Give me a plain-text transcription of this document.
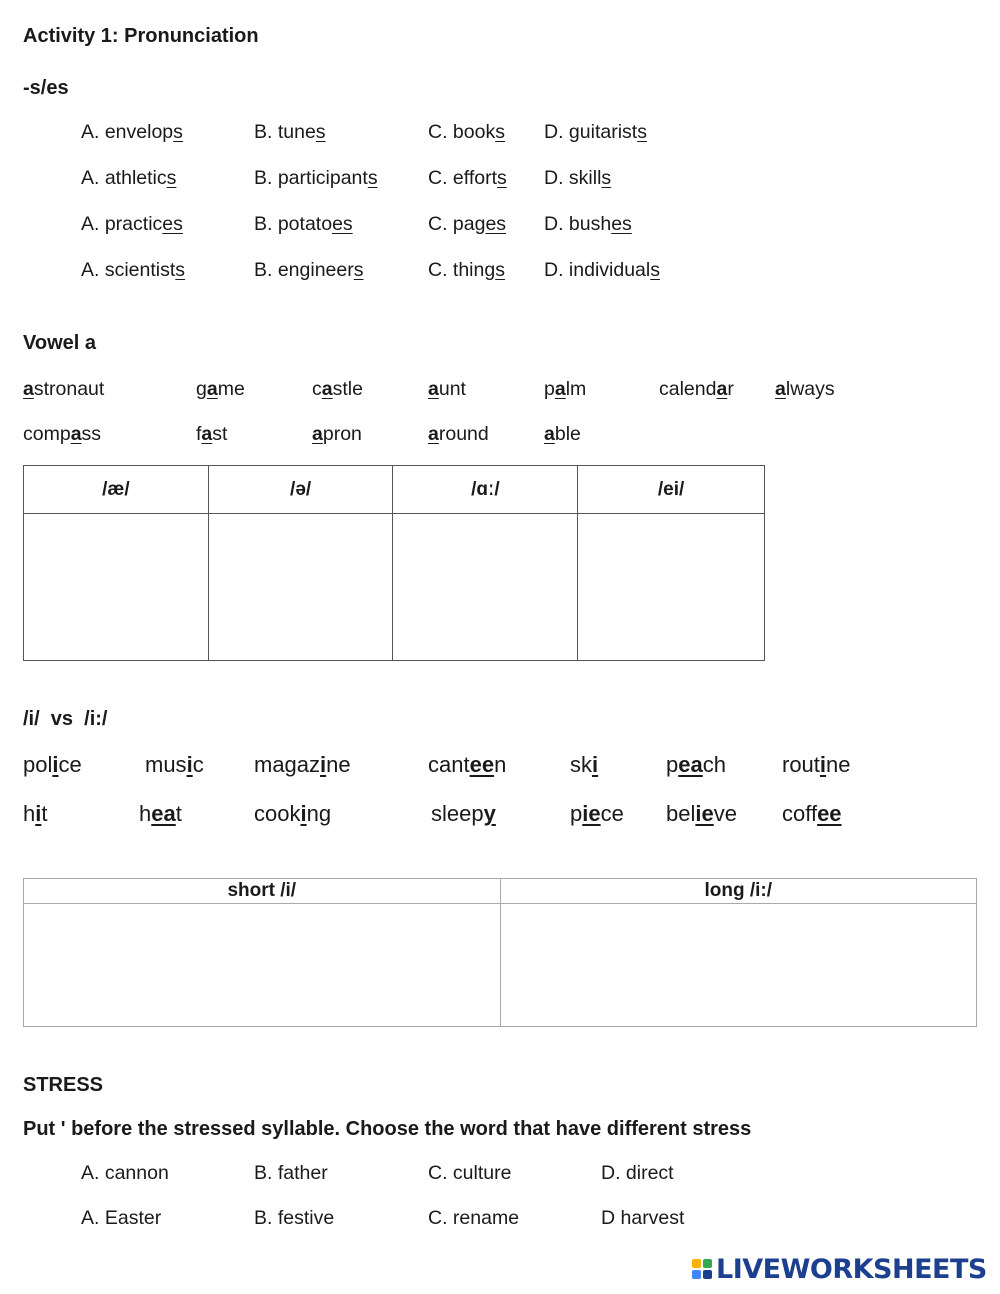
Activity 1: Pronunciation
-s/es
A. envelops	B. tunes	C. books D. guitarists
A. athletics	B. participants	C. efforts D. skills
A. practices	B. potatoes	C. pages D. bushes
A. scientists	B. engineers	C. things D. individuals
Vowel a
astronaut	game	castle	aunt	palm	calendar always
compass	fast	apron	around	able
/æ/	/ə/	/ɑː/	/ei/

/i/  vs  /i:/
police	music magazine	canteen	ski	peach	routine
hit	heat	cooking	sleepy	piece believe coffee
short /i/	long /i:/

STRESS
Put ' before the stressed syllable. Choose the word that have different stress
A. cannon	B. father	C. culture	D. direct
A. Easter	B. festive	C. rename	D harvest
LIVEWORKSHEETS
